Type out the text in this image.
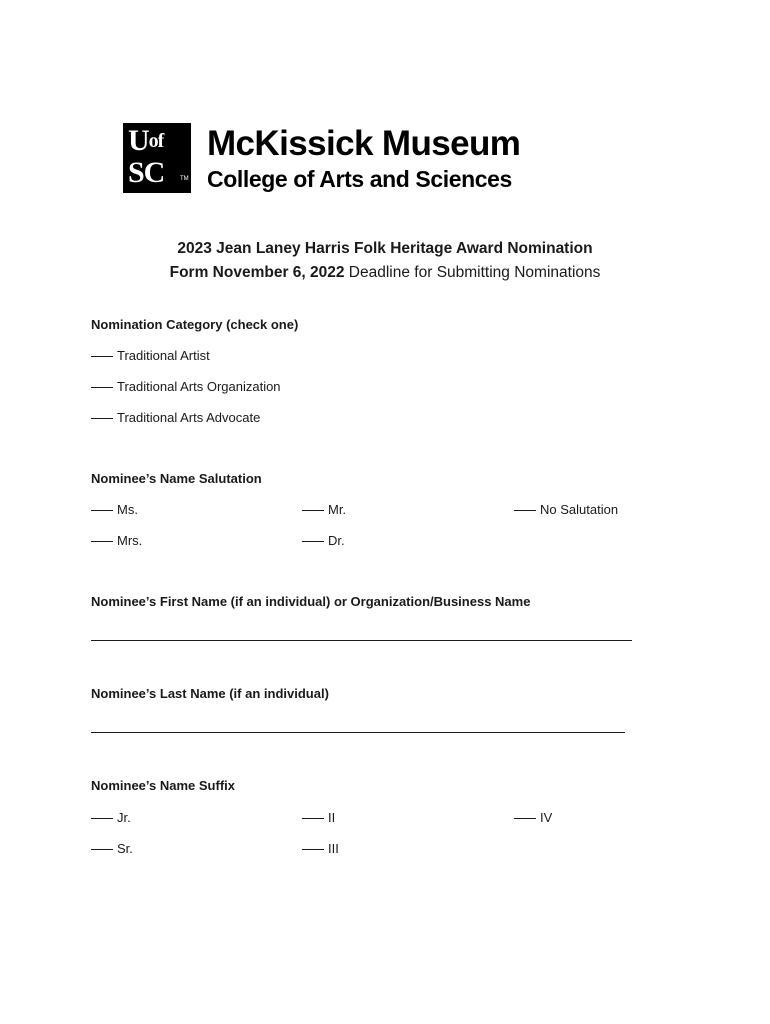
$U^{of}$
SC	TM
McKissick Museum
College of Arts and Sciences
2023 Jean Laney Harris Folk Heritage Award Nomination
Form November 6, 2022 Deadline for Submitting Nominations
Nomination Category (check one)
Traditional Artist
Traditional Arts Organization
Traditional Arts Advocate
Nominee’s Name Salutation
Ms.	Mr.	No Salutation
Mrs.	Dr.
Nominee’s First Name (if an individual) or Organization/Business Name
Nominee’s Last Name (if an individual)
Nominee’s Name Suffix
Jr.	II	IV
Sr.	III
